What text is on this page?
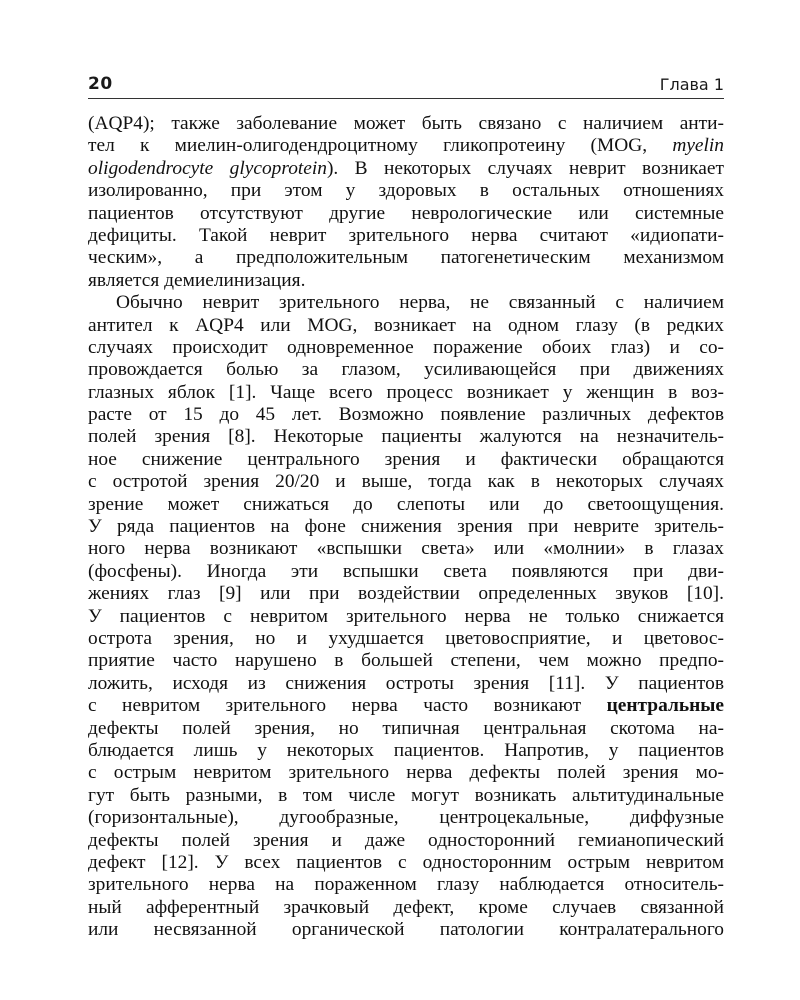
20	Глава 1
(AQP4); также заболевание может быть связано с наличием анти-
тел к миелин-олигодендроцитному гликопротеину (MOG, myelin
oligodendrocyte glycoprotein). В некоторых случаях неврит возникает
изолированно, при этом у здоровых в остальных отношениях
пациентов отсутствуют другие неврологические или системные
дефициты. Такой неврит зрительного нерва считают «идиопати-
ческим», а предположительным патогенетическим механизмом
является демиелинизация.
Обычно неврит зрительного нерва, не связанный с наличием
антител к AQP4 или MOG, возникает на одном глазу (в редких
случаях происходит одновременное поражение обоих глаз) и со-
провождается болью за глазом, усиливающейся при движениях
глазных яблок [1]. Чаще всего процесс возникает у женщин в воз-
расте от 15 до 45 лет. Возможно появление различных дефектов
полей зрения [8]. Некоторые пациенты жалуются на незначитель-
ное снижение центрального зрения и фактически обращаются
с остротой зрения 20/20 и выше, тогда как в некоторых случаях
зрение может снижаться до слепоты или до светоощущения.
У ряда пациентов на фоне снижения зрения при неврите зритель-
ного нерва возникают «вспышки света» или «молнии» в глазах
(фосфены). Иногда эти вспышки света появляются при дви-
жениях глаз [9] или при воздействии определенных звуков [10].
У пациентов с невритом зрительного нерва не только снижается
острота зрения, но и ухудшается цветовосприятие, и цветовос-
приятие часто нарушено в большей степени, чем можно предпо-
ложить, исходя из снижения остроты зрения [11]. У пациентов
с невритом зрительного нерва часто возникают центральные
дефекты полей зрения, но типичная центральная скотома на-
блюдается лишь у некоторых пациентов. Напротив, у пациентов
с острым невритом зрительного нерва дефекты полей зрения мо-
гут быть разными, в том числе могут возникать альтитудинальные
(горизонтальные), дугообразные, центроцекальные, диффузные
дефекты полей зрения и даже односторонний гемианопический
дефект [12]. У всех пациентов с односторонним острым невритом
зрительного нерва на пораженном глазу наблюдается относитель-
ный афферентный зрачковый дефект, кроме случаев связанной
или несвязанной органической патологии контралатерального
